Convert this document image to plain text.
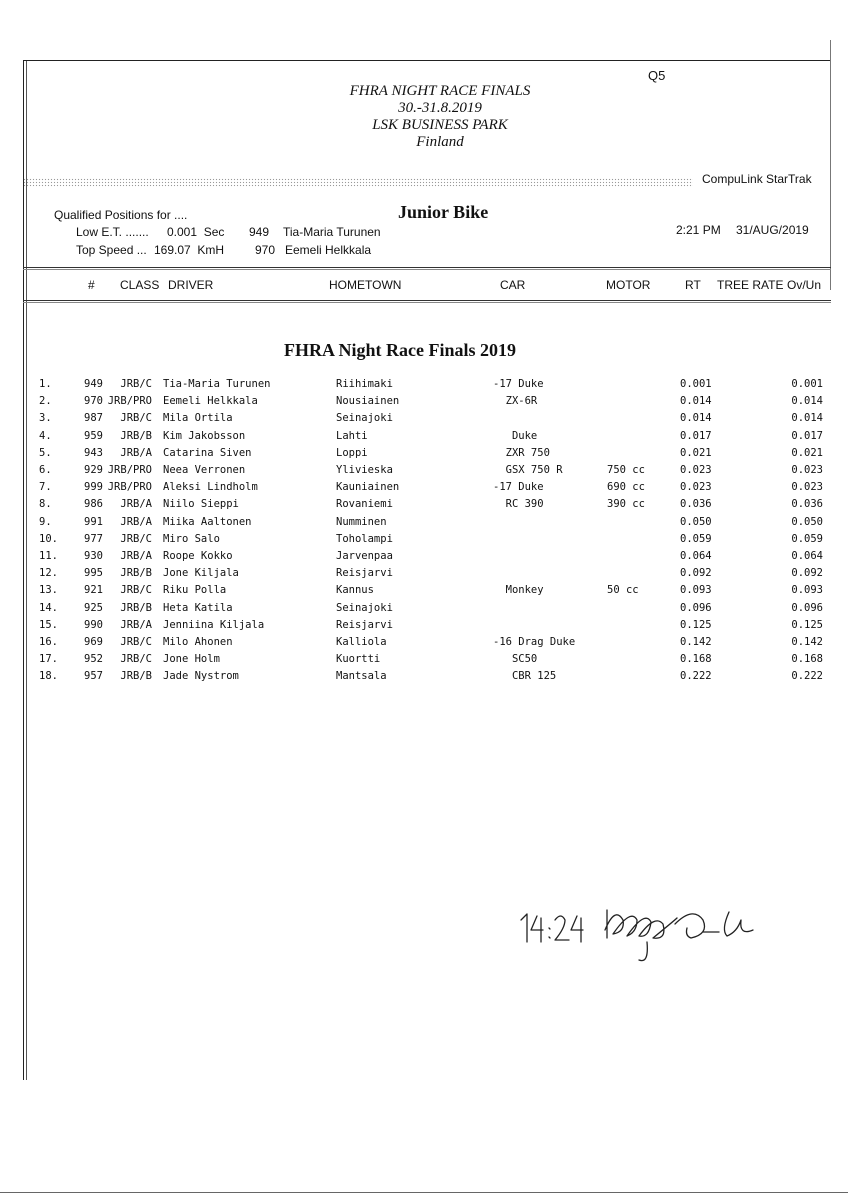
Q5
FHRA NIGHT RACE FINALS
30.-31.8.2019
LSK BUSINESS PARK
Finland
CompuLink StarTrak
Qualified Positions for ....	Junior Bike
Low E.T. ....... 0.001  Sec 949 Tia-Maria Turunen
Top Speed ... 169.07  KmH	970 Eemeli Helkkala
2:21 PM 31/AUG/2019
# CLASS DRIVER	HOMETOWN	CAR	MOTOR	RT TREE RATE Ov/Un
FHRA Night Race Finals 2019
1.	949	JRB/C Tia-Maria Turunen	Riihimaki	-17 Duke	0.001	0.001
2.	970 JRB/PRO Eemeli Helkkala	Nousiainen	ZX-6R	0.014	0.014
3.	987	JRB/C Mila Ortila	Seinajoki	0.014	0.014
4.	959	JRB/B Kim Jakobsson	Lahti	Duke	0.017	0.017
5.	943	JRB/A Catarina Siven	Loppi	ZXR 750	0.021	0.021
6.	929 JRB/PRO Neea Verronen	Ylivieska	GSX 750 R	750 cc	0.023	0.023
7.	999 JRB/PRO Aleksi Lindholm	Kauniainen	-17 Duke	690 cc	0.023	0.023
8.	986	JRB/A Niilo Sieppi	Rovaniemi	RC 390	390 cc	0.036	0.036
9.	991	JRB/A Miika Aaltonen	Numminen	0.050	0.050
10. 977	JRB/C Miro Salo	Toholampi	0.059	0.059
11. 930	JRB/A Roope Kokko	Jarvenpaa	0.064	0.064
12. 995	JRB/B Jone Kiljala	Reisjarvi	0.092	0.092
13. 921	JRB/C Riku Polla	Kannus	Monkey	50 cc	0.093	0.093
14. 925	JRB/B Heta Katila	Seinajoki	0.096	0.096
15. 990	JRB/A Jenniina Kiljala	Reisjarvi	0.125	0.125
16. 969	JRB/C Milo Ahonen	Kalliola	-16 Drag Duke	0.142	0.142
17. 952	JRB/C Jone Holm	Kuortti	SC50	0.168	0.168
18. 957	JRB/B Jade Nystrom	Mantsala	CBR 125	0.222	0.222
